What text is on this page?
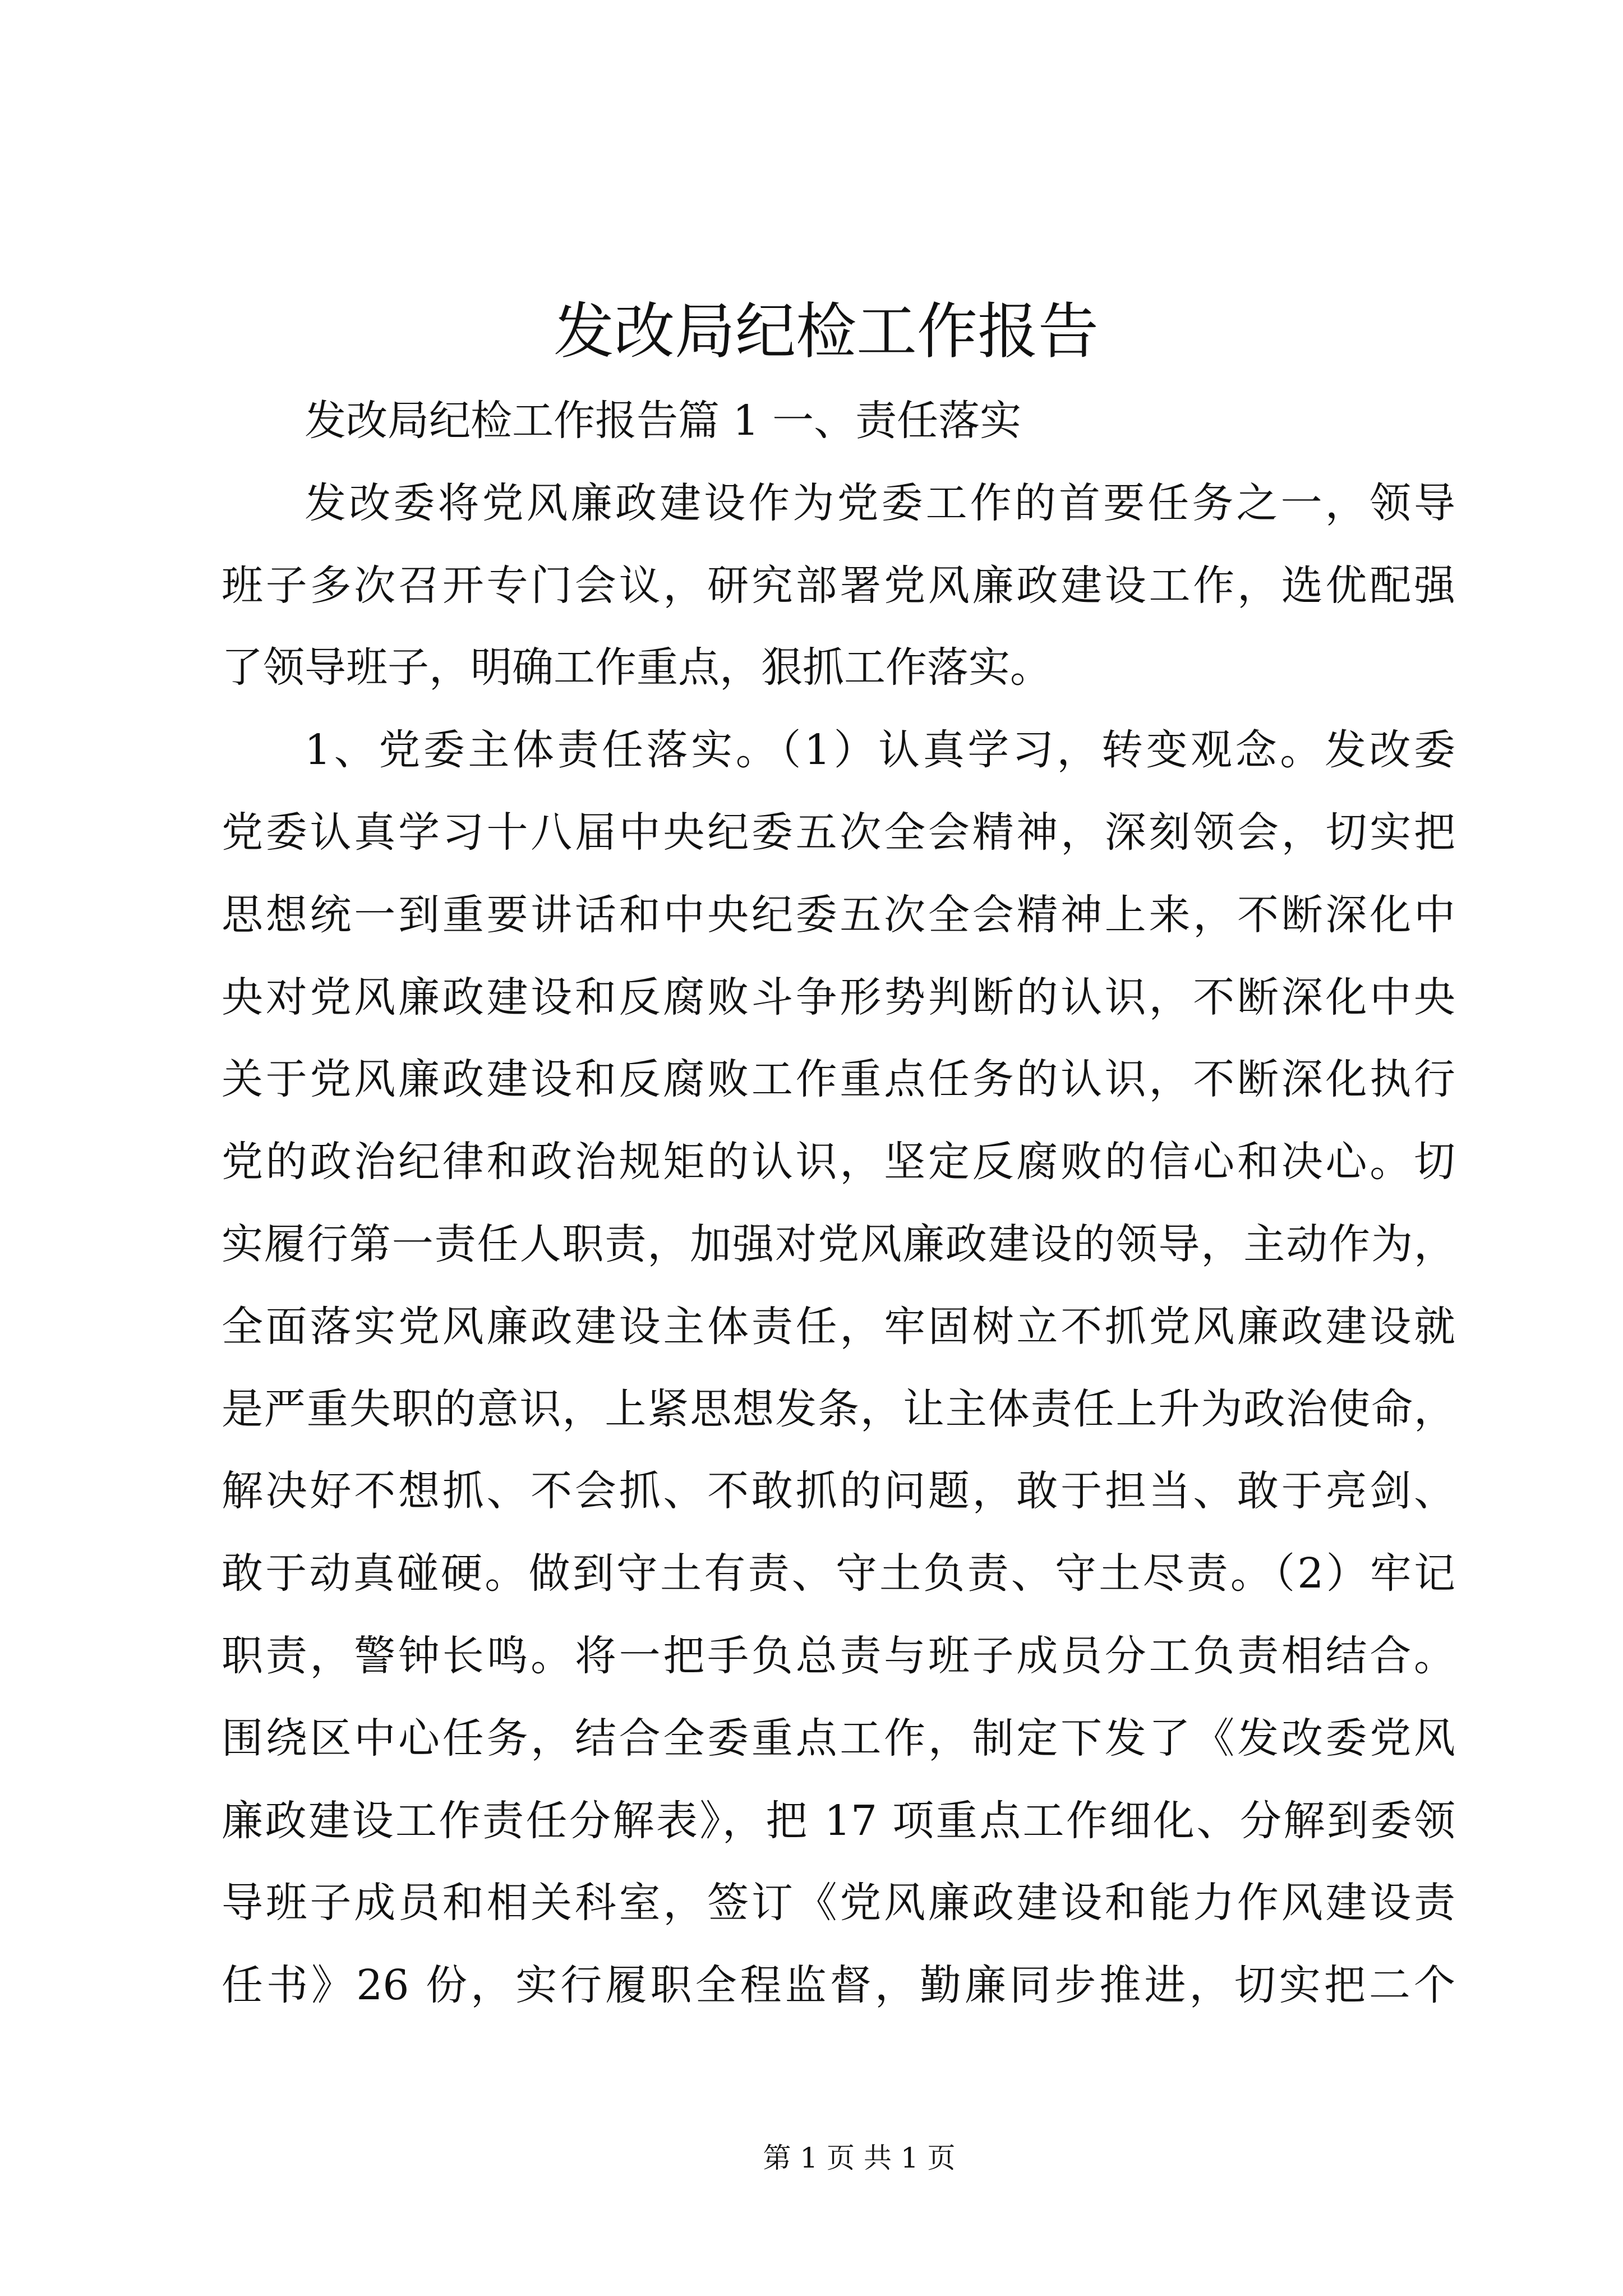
发改局纪检工作报告
发改局纪检工作报告篇 1 一、责任落实
发改委将党风廉政建设作为党委工作的首要任务之一，领导
班子多次召开专门会议，研究部署党风廉政建设工作，选优配强
了领导班子，明确工作重点，狠抓工作落实。
1、党委主体责任落实。（1）认真学习，转变观念。发改委
党委认真学习十八届中央纪委五次全会精神，深刻领会，切实把
思想统一到重要讲话和中央纪委五次全会精神上来，不断深化中
央对党风廉政建设和反腐败斗争形势判断的认识，不断深化中央
关于党风廉政建设和反腐败工作重点任务的认识，不断深化执行
党的政治纪律和政治规矩的认识，坚定反腐败的信心和决心。切
实履行第一责任人职责，加强对党风廉政建设的领导，主动作为，
全面落实党风廉政建设主体责任，牢固树立不抓党风廉政建设就
是严重失职的意识，上紧思想发条，让主体责任上升为政治使命，
解决好不想抓、不会抓、不敢抓的问题，敢于担当、敢于亮剑、
敢于动真碰硬。做到守土有责、守土负责、守土尽责。（2）牢记
职责，警钟长鸣。将一把手负总责与班子成员分工负责相结合。
围绕区中心任务，结合全委重点工作，制定下发了《发改委党风
廉政建设工作责任分解表》，把 17 项重点工作细化、分解到委领
导班子成员和相关科室，签订《党风廉政建设和能力作风建设责
任书》26 份，实行履职全程监督，勤廉同步推进，切实把二个
第 1 页 共 1 页
